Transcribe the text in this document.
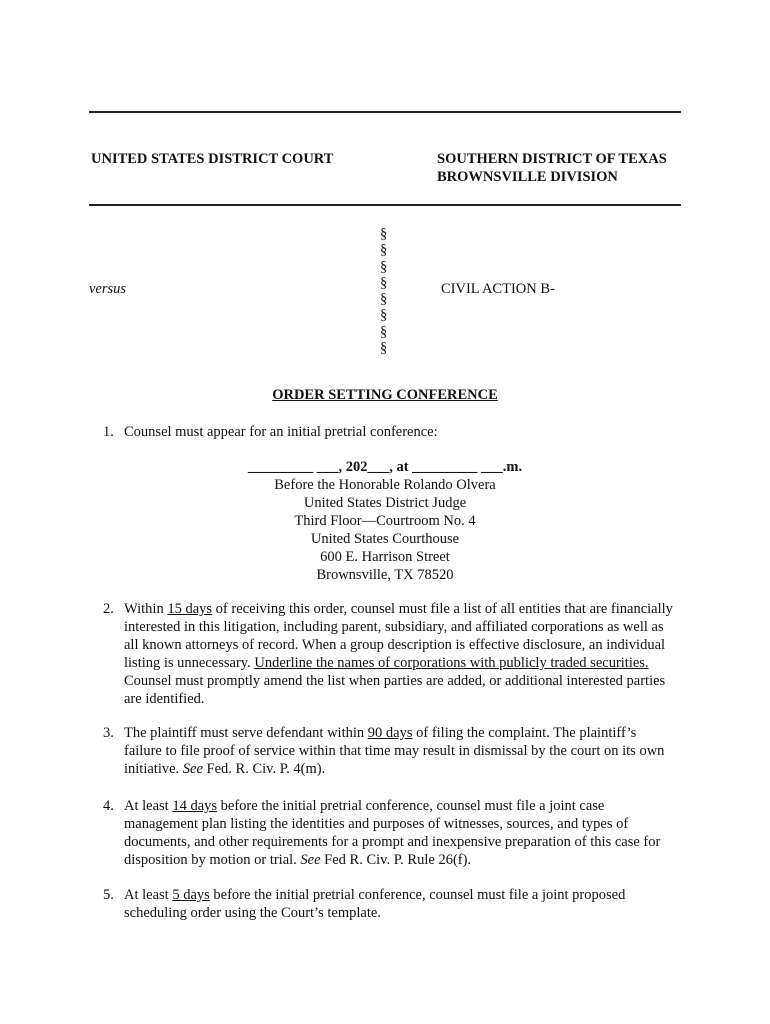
UNITED STATES DISTRICT COURT	SOUTHERN DISTRICT OF TEXAS
BROWNSVILLE DIVISION
§
§
§
§
§
§
§
§
versus	CIVIL ACTION B-
ORDER SETTING CONFERENCE
1. Counsel must appear for an initial pretrial conference:
_________ ___, 202___, at _________ ___.m.
Before the Honorable Rolando Olvera
United States District Judge
Third Floor—Courtroom No. 4
United States Courthouse
600 E. Harrison Street
Brownsville, TX 78520
2. Within 15 days of receiving this order, counsel must file a list of all entities that are financially interested in this litigation, including parent, subsidiary, and affiliated corporations as well as all known attorneys of record. When a group description is effective disclosure, an individual listing is unnecessary. Underline the names of corporations with publicly traded securities. Counsel must promptly amend the list when parties are added, or additional interested parties are identified.
3. The plaintiff must serve defendant within 90 days of filing the complaint. The plaintiff’s failure to file proof of service within that time may result in dismissal by the court on its own initiative. See Fed. R. Civ. P. 4(m).
4. At least 14 days before the initial pretrial conference, counsel must file a joint case management plan listing the identities and purposes of witnesses, sources, and types of documents, and other requirements for a prompt and inexpensive preparation of this case for disposition by motion or trial. See Fed R. Civ. P. Rule 26(f).
5. At least 5 days before the initial pretrial conference, counsel must file a joint proposed scheduling order using the Court’s template.
